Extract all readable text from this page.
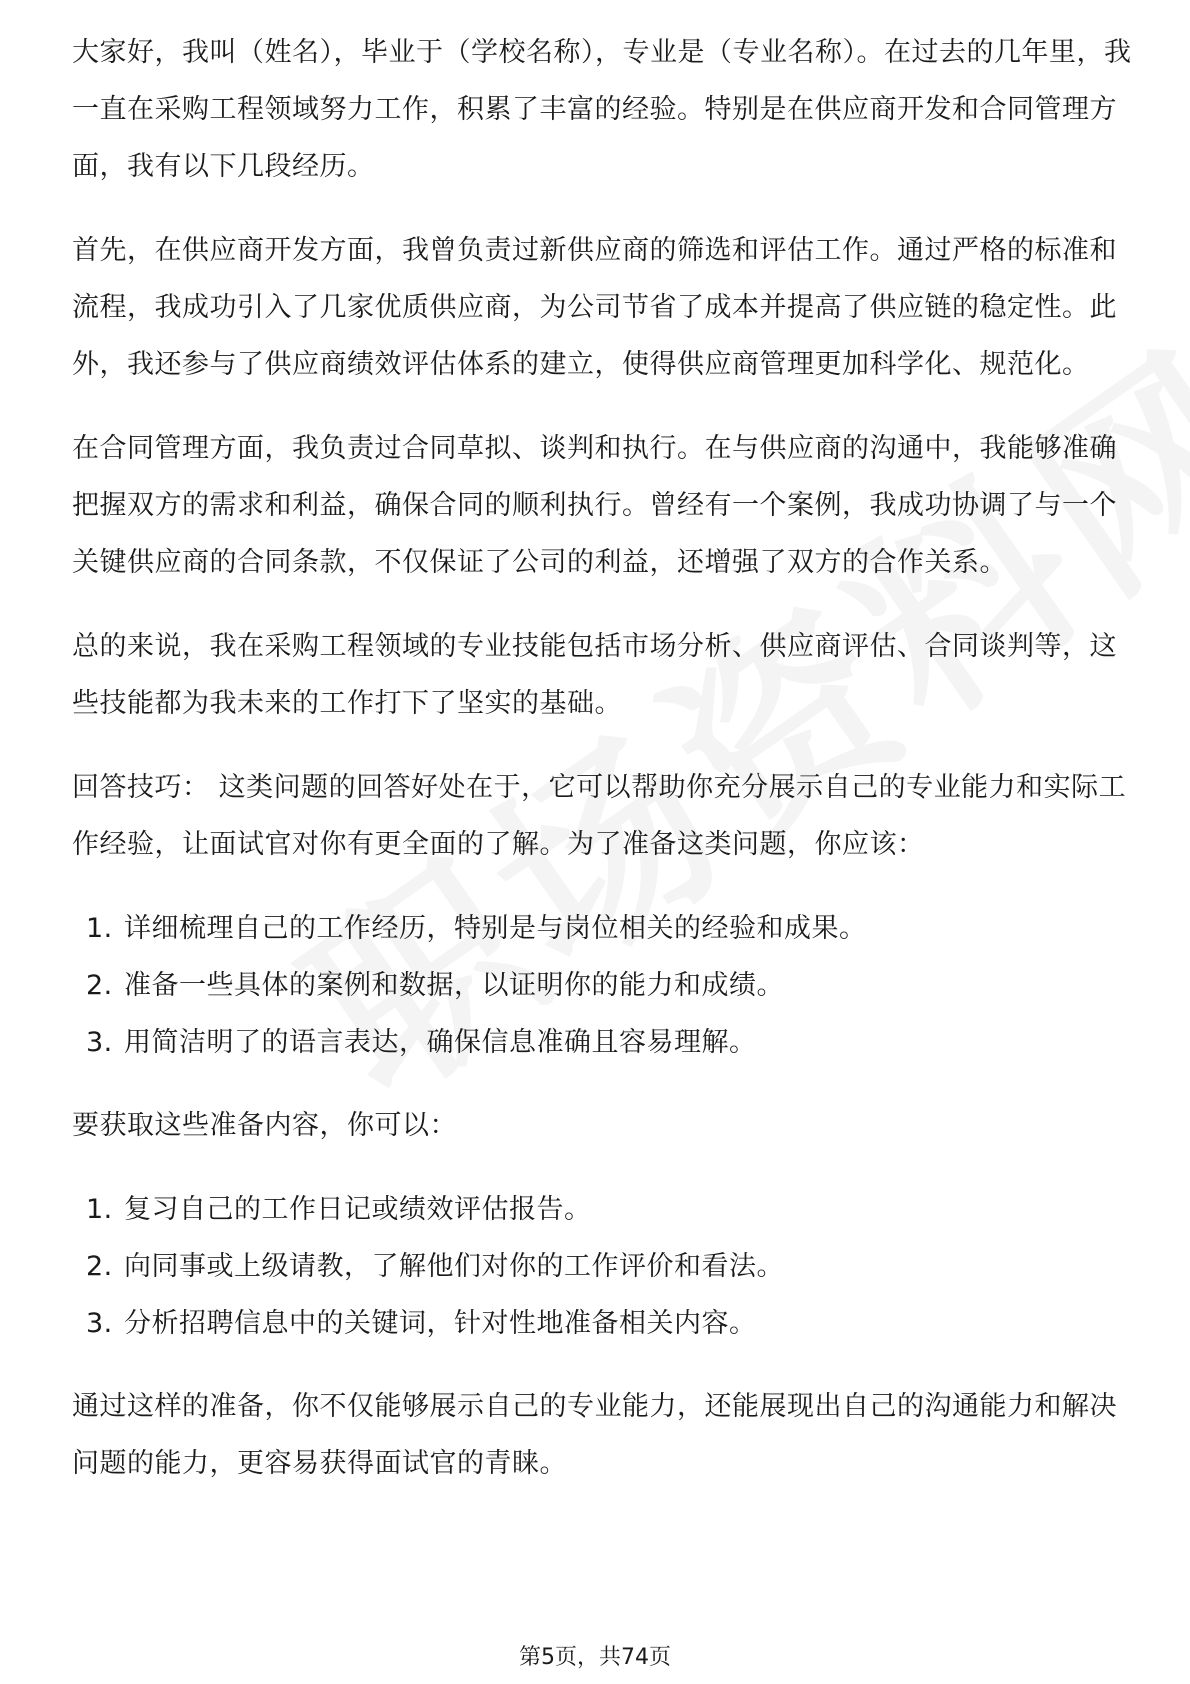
大家好，我叫（姓名），毕业于（学校名称），专业是（专业名称）。在过去的几年里，我一直在采购工程领域努力工作，积累了丰富的经验。特别是在供应商开发和合同管理方面，我有以下几段经历。

首先，在供应商开发方面，我曾负责过新供应商的筛选和评估工作。通过严格的标准和流程，我成功引入了几家优质供应商，为公司节省了成本并提高了供应链的稳定性。此外，我还参与了供应商绩效评估体系的建立，使得供应商管理更加科学化、规范化。

在合同管理方面，我负责过合同草拟、谈判和执行。在与供应商的沟通中，我能够准确把握双方的需求和利益，确保合同的顺利执行。曾经有一个案例，我成功协调了与一个关键供应商的合同条款，不仅保证了公司的利益，还增强了双方的合作关系。

总的来说，我在采购工程领域的专业技能包括市场分析、供应商评估、合同谈判等，这些技能都为我未来的工作打下了坚实的基础。

回答技巧： 这类问题的回答好处在于，它可以帮助你充分展示自己的专业能力和实际工作经验，让面试官对你有更全面的了解。为了准备这类问题，你应该：

1. 详细梳理自己的工作经历，特别是与岗位相关的经验和成果。
2. 准备一些具体的案例和数据，以证明你的能力和成绩。
3. 用简洁明了的语言表达，确保信息准确且容易理解。

要获取这些准备内容，你可以：

1. 复习自己的工作日记或绩效评估报告。
2. 向同事或上级请教，了解他们对你的工作评价和看法。
3. 分析招聘信息中的关键词，针对性地准备相关内容。

通过这样的准备，你不仅能够展示自己的专业能力，还能展现出自己的沟通能力和解决问题的能力，更容易获得面试官的青睐。

第5页，共74页
